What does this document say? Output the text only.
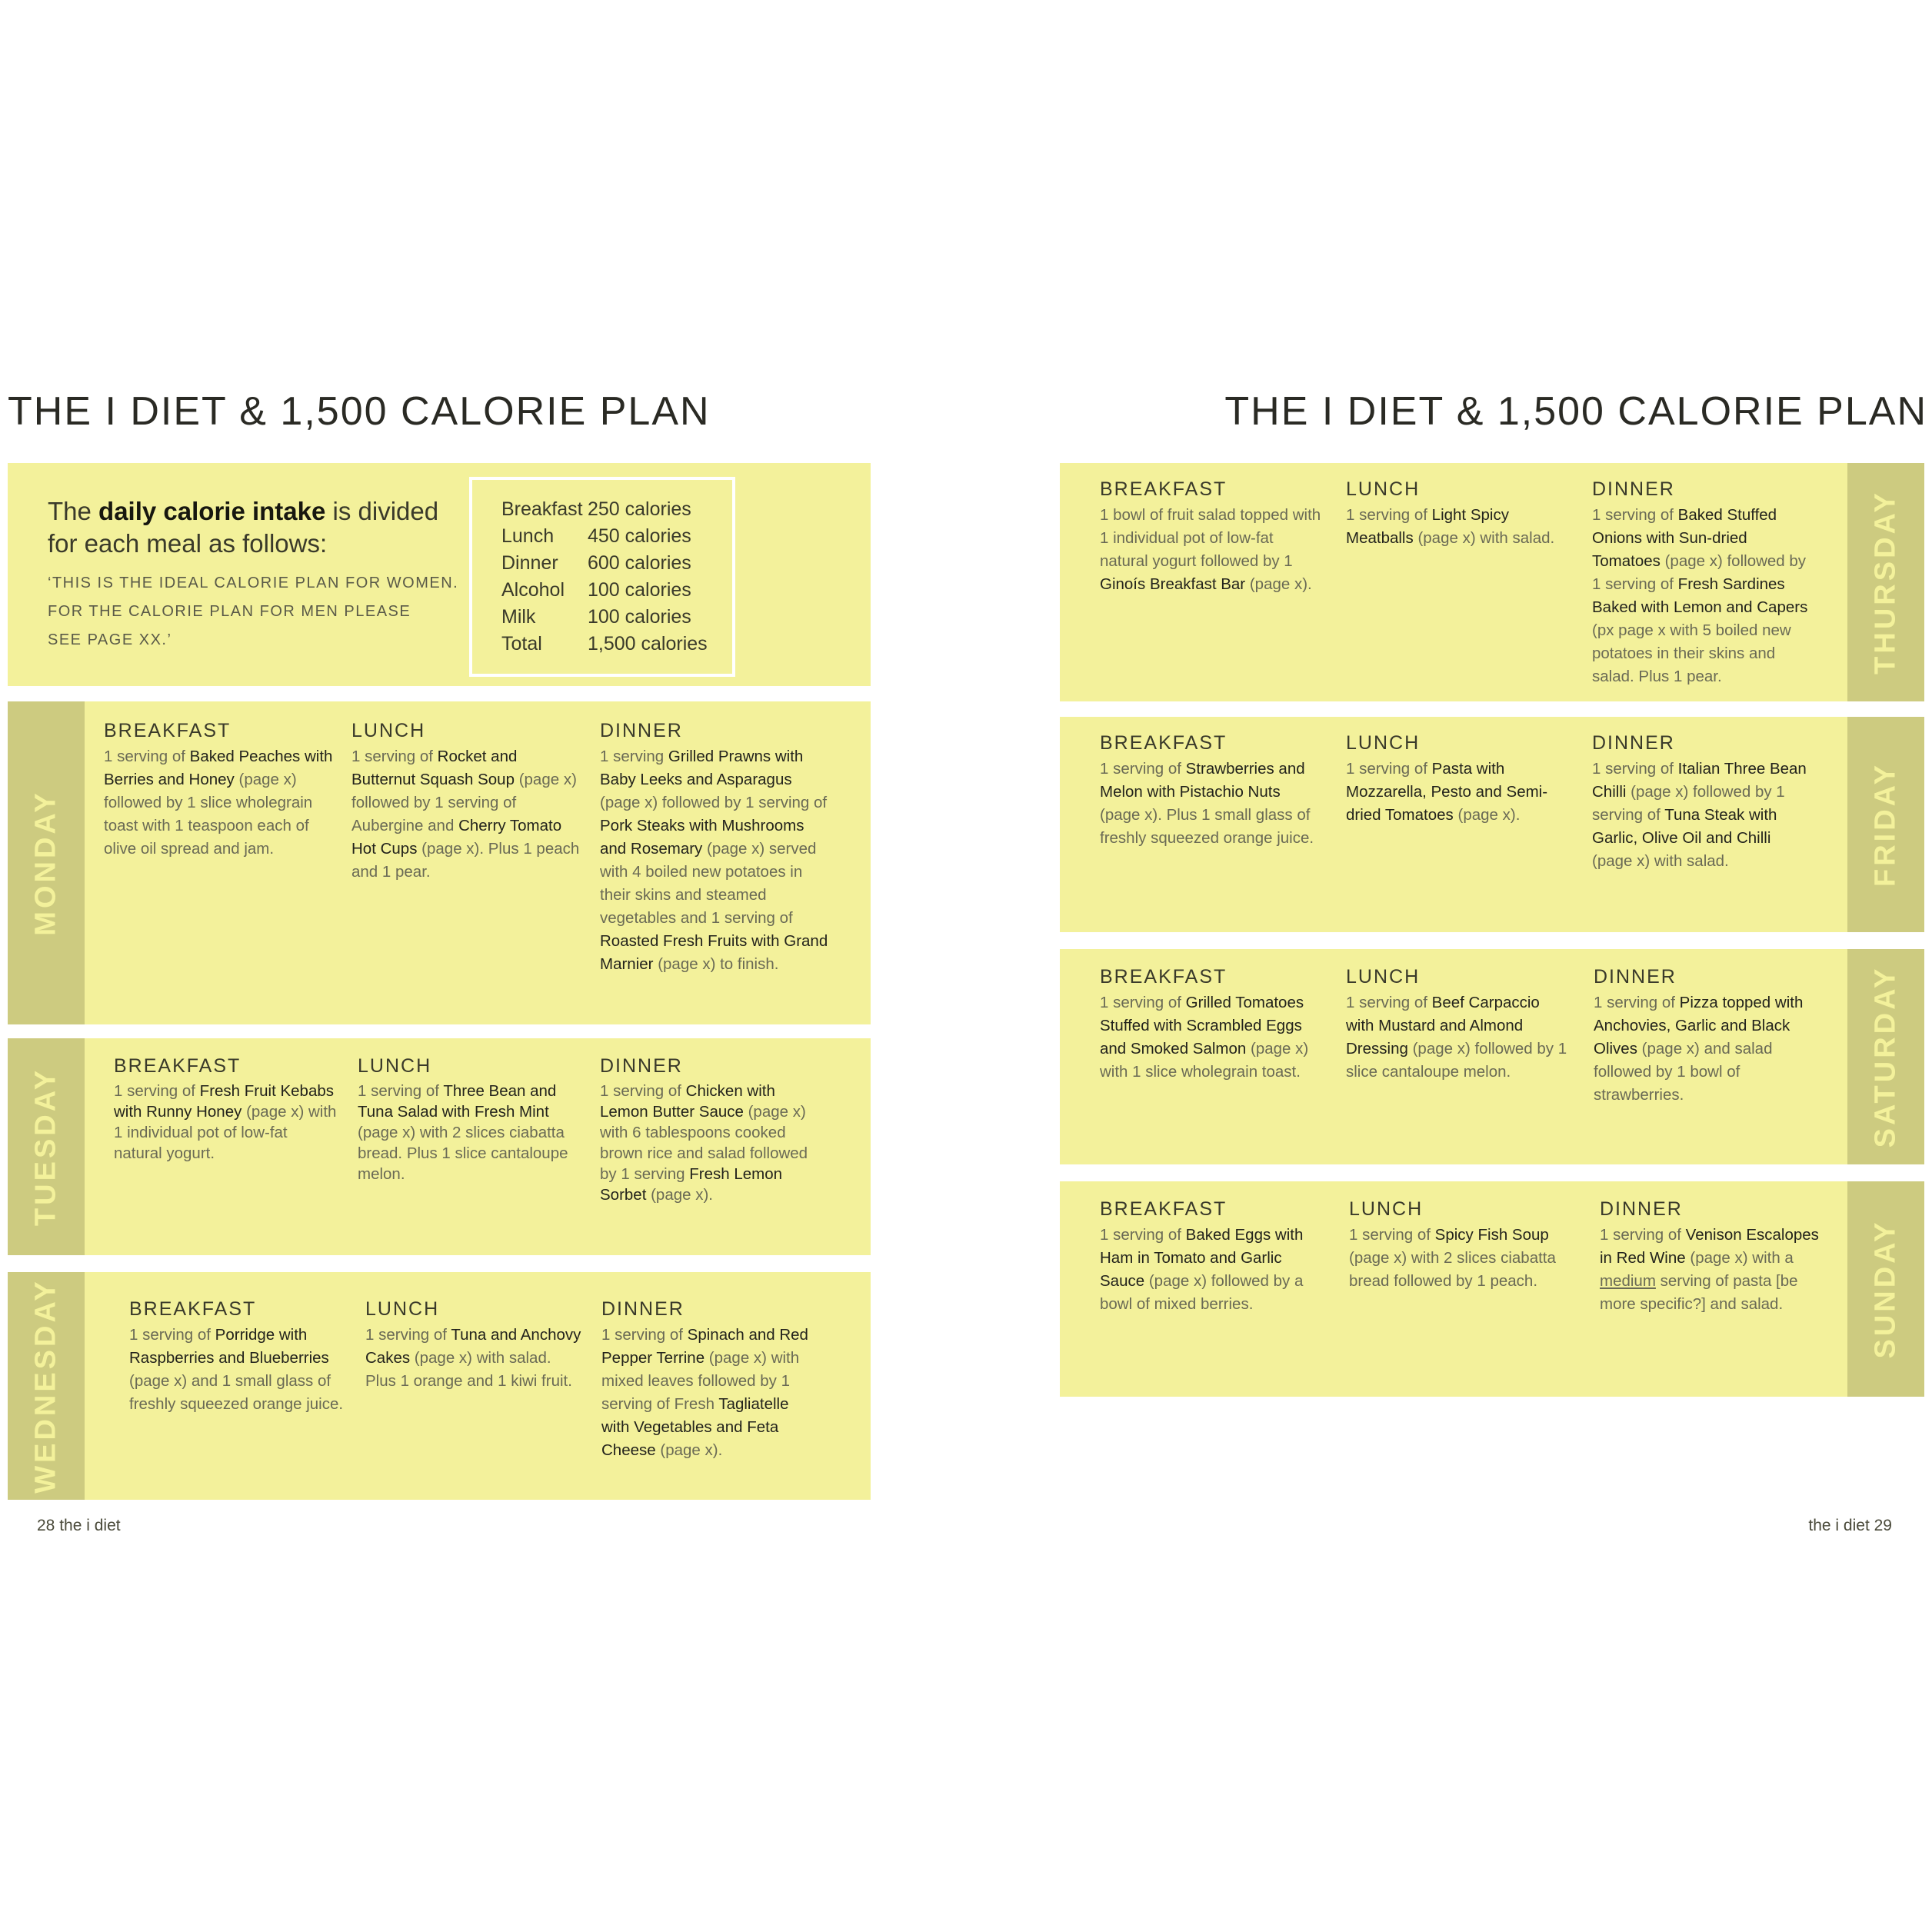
THE I DIET & 1,500 CALORIE PLAN
The daily calorie intake is divided for each meal as follows:
‘THIS IS THE IDEAL CALORIE PLAN FOR WOMEN.
FOR THE CALORIE PLAN FOR MEN PLEASE
SEE PAGE XX.’
Breakfast 250 calories
Lunch 450 calories
Dinner 600 calories
Alcohol 100 calories
Milk	100 calories
Total 1,500 calories
MONDAY
BREAKFAST
1 serving of Baked Peaches with Berries and Honey (page x) followed by 1 slice wholegrain toast with 1 teaspoon each of olive oil spread and jam.
LUNCH
1 serving of Rocket and Butternut Squash Soup (page x) followed by 1 serving of Aubergine and Cherry Tomato Hot Cups (page x). Plus 1 peach and 1 pear.
DINNER
1 serving Grilled Prawns with Baby Leeks and Asparagus (page x) followed by 1 serving of Pork Steaks with Mushrooms and Rosemary (page x) served with 4 boiled new potatoes in their skins and steamed vegetables and 1 serving of Roasted Fresh Fruits with Grand Marnier (page x) to finish.
TUESDAY
BREAKFAST
1 serving of Fresh Fruit Kebabs with Runny Honey (page x) with 1 individual pot of low-fat natural yogurt.
LUNCH
1 serving of Three Bean and Tuna Salad with Fresh Mint (page x) with 2 slices ciabatta bread. Plus 1 slice cantaloupe melon.
DINNER
1 serving of Chicken with Lemon Butter Sauce (page x) with 6 tablespoons cooked brown rice and salad followed by 1 serving Fresh Lemon Sorbet (page x).
WEDNESDAY	BREAKFAST
1 serving of Porridge with Raspberries and Blueberries (page x) and 1 small glass of freshly squeezed orange juice.
LUNCH
1 serving of Tuna and Anchovy Cakes (page x) with salad. Plus 1 orange and 1 kiwi fruit.
DINNER
1 serving of Spinach and Red Pepper Terrine (page x) with mixed leaves followed by 1 serving of Fresh Tagliatelle with Vegetables and Feta Cheese (page x).
28 the i diet
THE I DIET & 1,500 CALORIE PLAN
THURSDAY
BREAKFAST
1 bowl of fruit salad topped with 1 individual pot of low-fat natural yogurt followed by 1 Ginoís Breakfast Bar (page x).
LUNCH
1 serving of Light Spicy Meatballs (page x) with salad.
DINNER
1 serving of Baked Stuffed Onions with Sun-dried Tomatoes (page x) followed by 1 serving of Fresh Sardines Baked with Lemon and Capers (px page x with 5 boiled new potatoes in their skins and salad. Plus 1 pear.
FRIDAY
BREAKFAST
1 serving of Strawberries and Melon with Pistachio Nuts (page x). Plus 1 small glass of freshly squeezed orange juice.
LUNCH
1 serving of Pasta with Mozzarella, Pesto and Semi-dried Tomatoes (page x).
DINNER
1 serving of Italian Three Bean Chilli (page x) followed by 1 serving of Tuna Steak with Garlic, Olive Oil and Chilli (page x) with salad.
SATURDAY
BREAKFAST
1 serving of Grilled Tomatoes Stuffed with Scrambled Eggs and Smoked Salmon (page x) with 1 slice wholegrain toast.
LUNCH
1 serving of Beef Carpaccio with Mustard and Almond Dressing (page x) followed by 1 slice cantaloupe melon.
DINNER
1 serving of Pizza topped with Anchovies, Garlic and Black Olives (page x) and salad followed by 1 bowl of strawberries.
SUNDAY
BREAKFAST
1 serving of Baked Eggs with Ham in Tomato and Garlic Sauce (page x) followed by a bowl of mixed berries.
LUNCH
1 serving of Spicy Fish Soup (page x) with 2 slices ciabatta bread followed by 1 peach.
DINNER
1 serving of Venison Escalopes in Red Wine (page x) with a medium serving of pasta [be more specific?] and salad.
the i diet 29
